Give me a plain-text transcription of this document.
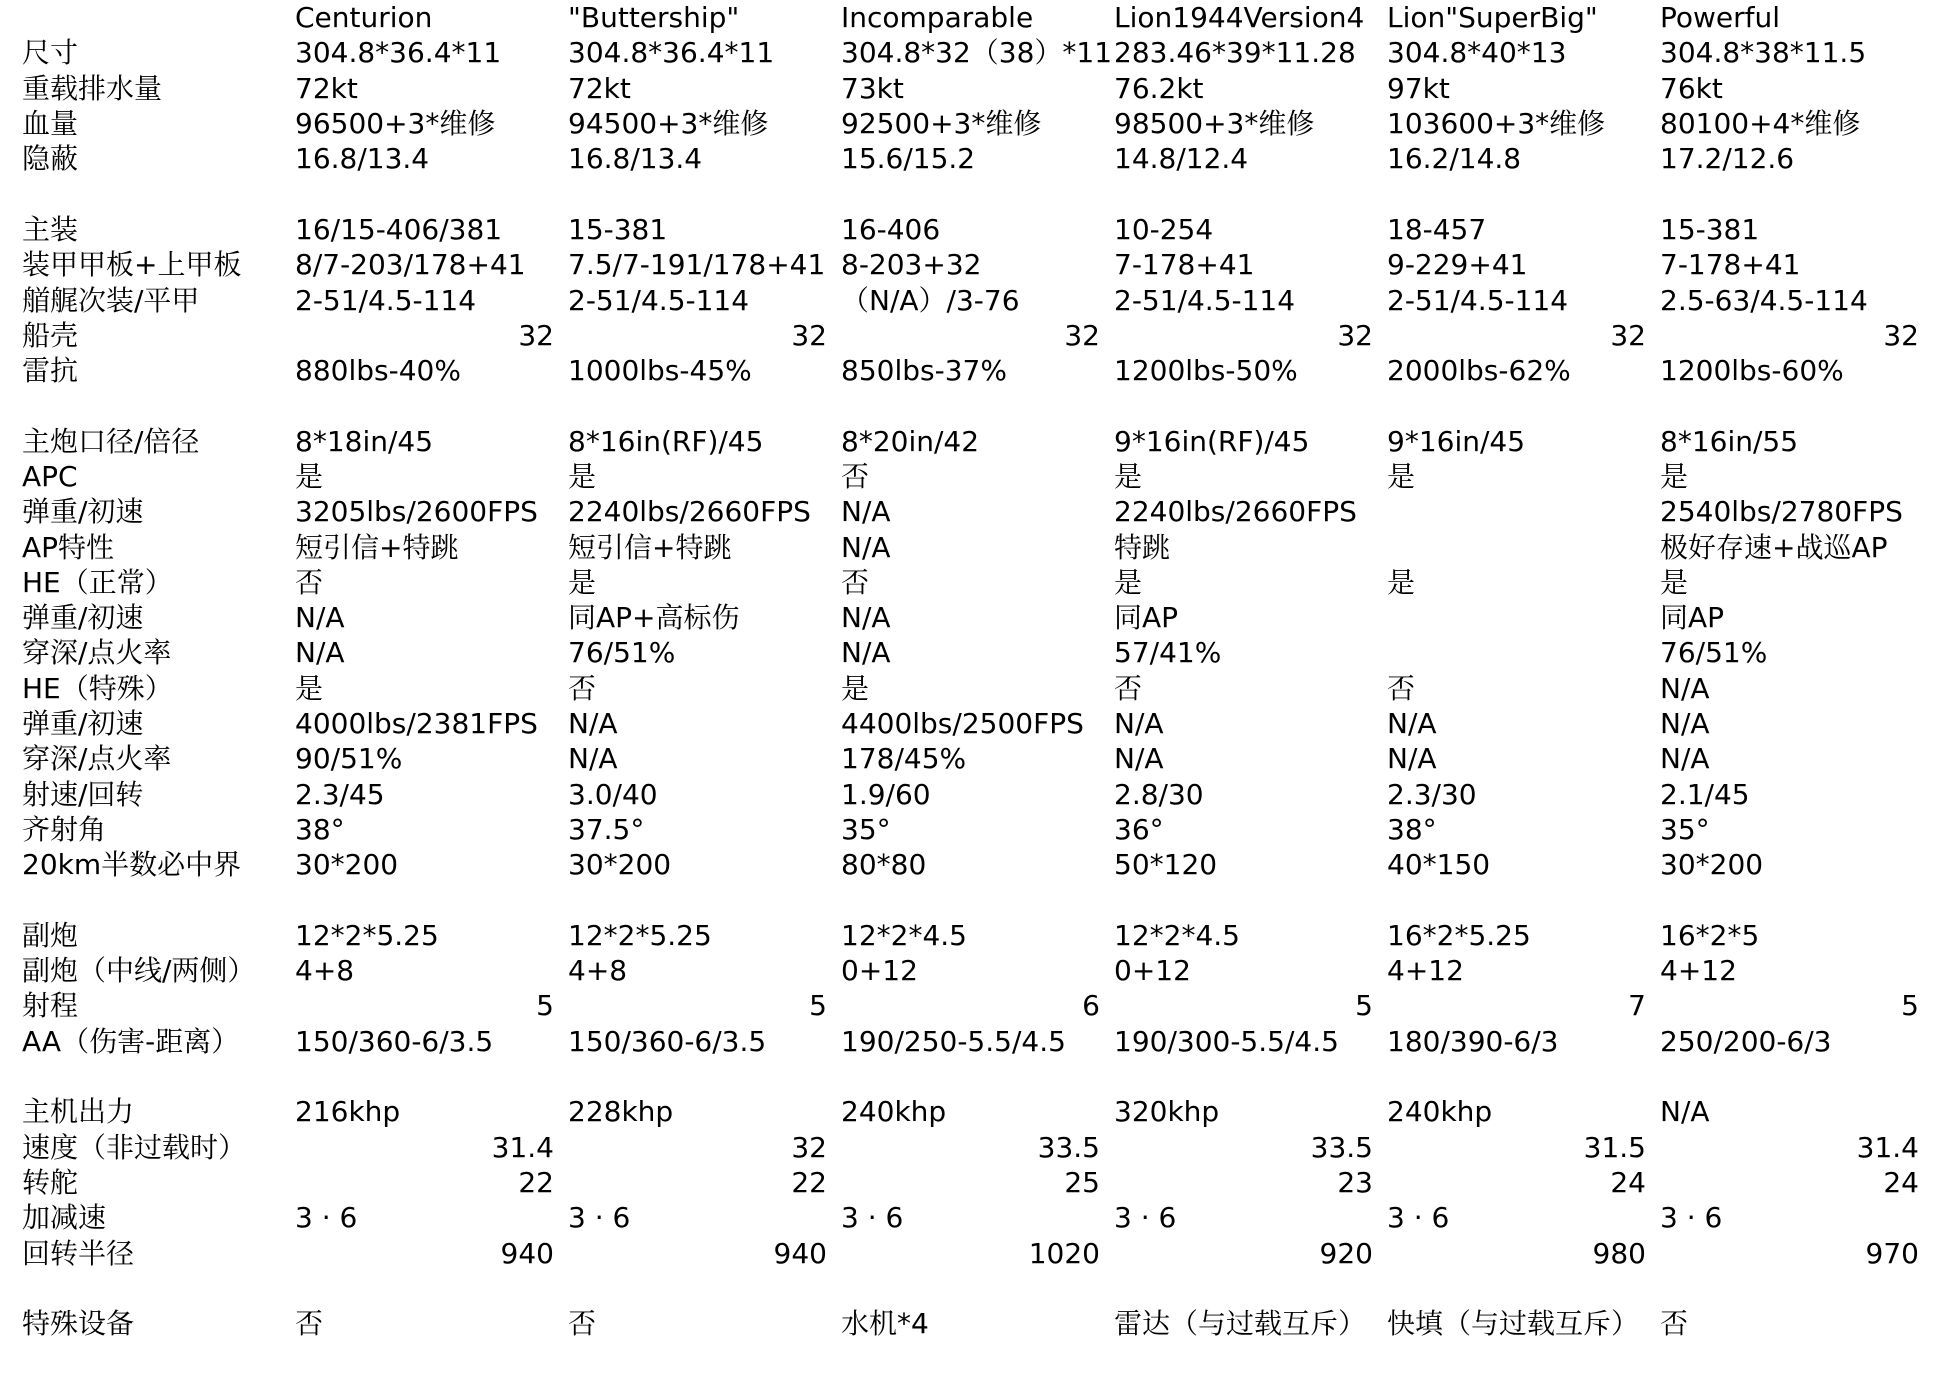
	Centurion	"Buttership"	Incomparable	Lion1944Version4	Lion"SuperBig"	Powerful
尺寸	304.8*36.4*11	304.8*36.4*11	304.8*32（38）*11	283.46*39*11.28	304.8*40*13	304.8*38*11.5
重载排水量	72kt	72kt	73kt	76.2kt	97kt	76kt
血量	96500+3*维修	94500+3*维修	92500+3*维修	98500+3*维修	103600+3*维修	80100+4*维修
隐蔽	16.8/13.4	16.8/13.4	15.6/15.2	14.8/12.4	16.2/14.8	17.2/12.6

主装	16/15-406/381	15-381	16-406	10-254	18-457	15-381
装甲甲板+上甲板	8/7-203/178+41	7.5/7-191/178+41	8-203+32	7-178+41	9-229+41	7-178+41
艏艉次装/平甲	2-51/4.5-114	2-51/4.5-114	（N/A）/3-76	2-51/4.5-114	2-51/4.5-114	2.5-63/4.5-114
船壳	32	32	32	32	32	32
雷抗	880lbs-40%	1000lbs-45%	850lbs-37%	1200lbs-50%	2000lbs-62%	1200lbs-60%

主炮口径/倍径	8*18in/45	8*16in(RF)/45	8*20in/42	9*16in(RF)/45	9*16in/45	8*16in/55
APC	是	是	否	是	是	是
弹重/初速	3205lbs/2600FPS	2240lbs/2660FPS	N/A	2240lbs/2660FPS		2540lbs/2780FPS
AP特性	短引信+特跳	短引信+特跳	N/A	特跳		极好存速+战巡AP
HE（正常）	否	是	否	是	是	是
弹重/初速	N/A	同AP+高标伤	N/A	同AP		同AP
穿深/点火率	N/A	76/51%	N/A	57/41%		76/51%
HE（特殊）	是	否	是	否	否	N/A
弹重/初速	4000lbs/2381FPS	N/A	4400lbs/2500FPS	N/A	N/A	N/A
穿深/点火率	90/51%	N/A	178/45%	N/A	N/A	N/A
射速/回转	2.3/45	3.0/40	1.9/60	2.8/30	2.3/30	2.1/45
齐射角	38°	37.5°	35°	36°	38°	35°
20km半数必中界	30*200	30*200	80*80	50*120	40*150	30*200

副炮	12*2*5.25	12*2*5.25	12*2*4.5	12*2*4.5	16*2*5.25	16*2*5
副炮（中线/两侧）	4+8	4+8	0+12	0+12	4+12	4+12
射程	5	5	6	5	7	5
AA（伤害-距离）	150/360-6/3.5	150/360-6/3.5	190/250-5.5/4.5	190/300-5.5/4.5	180/390-6/3	250/200-6/3

主机出力	216khp	228khp	240khp	320khp	240khp	N/A
速度（非过载时）	31.4	32	33.5	33.5	31.5	31.4
转舵	22	22	25	23	24	24
加减速	3 · 6	3 · 6	3 · 6	3 · 6	3 · 6	3 · 6
回转半径	940	940	1020	920	980	970

特殊设备	否	否	水机*4	雷达（与过载互斥）	快填（与过载互斥）	否
